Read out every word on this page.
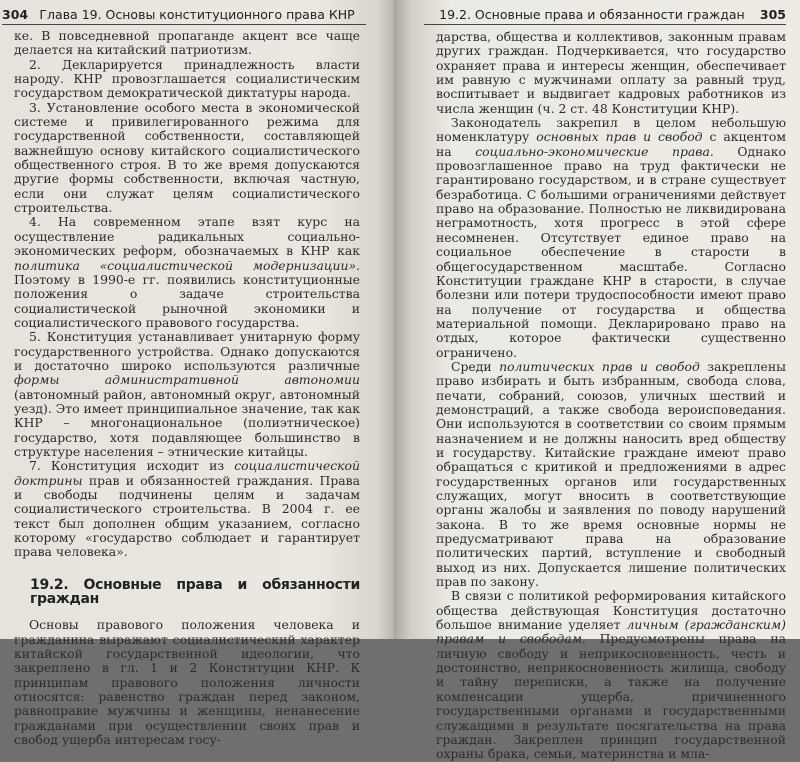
304 Глава 19. Основы конституционного права КНР

ке. В повседневной пропаганде акцент все чаще делается на китайский патриотизм.

2. Декларируется принадлежность власти народу. КНР провозглашается социалистическим государством демократической диктатуры народа.

3. Установление особого места в экономической системе и привилегированного режима для государственной собственности, составляющей важнейшую основу китайского социалистического общественного строя. В то же время допускаются другие формы собственности, включая частную, если они служат целям социалистического строительства.

4. На современном этапе взят курс на осуществление радикальных социально-экономических реформ, обозначаемых в КНР как политика «социалистической модернизации». Поэтому в 1990-е гг. появились конституционные положения о задаче строительства социалистической рыночной экономики и социалистического правового государства.

5. Конституция устанавливает унитарную форму государственного устройства. Однако допускаются и достаточно широко используются различные формы административной автономии (автономный район, автономный округ, автономный уезд). Это имеет принципиальное значение, так как КНР – многонациональное (полиэтническое) государство, хотя подавляющее большинство в структуре населения – этнические китайцы.

7. Конституция исходит из социалистической доктрины прав и обязанностей граждания. Права и свободы подчинены целям и задачам социалистического строительства. В 2004 г. ее текст был дополнен общим указанием, согласно которому «государство соблюдает и гарантирует права человека».

19.2. Основные права и обязанности граждан

Основы правового положения человека и гражданина выражают социалистический характер китайской государственной идеологии, что закреплено в гл. 1 и 2 Конституции КНР. К принципам правового положения личности относятся: равенство граждан перед законом, равноправие мужчины и женщины, ненанесение гражданами при осуществлении своих прав и свобод ущерба интересам госу-

19.2. Основные права и обязанности граждан	305

дарства, общества и коллективов, законным правам других граждан. Подчеркивается, что государство охраняет права и интересы женщин, обеспечивает им равную с мужчинами оплату за равный труд, воспитывает и выдвигает кадровых работников из числа женщин (ч. 2 ст. 48 Конституции КНР).

Законодатель закрепил в целом небольшую номенклатуру основных прав и свобод с акцентом на социально-экономические права. Однако провозглашенное право на труд фактически не гарантировано государством, и в стране существует безработица. С большими ограничениями действует право на образование. Полностью не ликвидирована неграмотность, хотя прогресс в этой сфере несомненен. Отсутствует единое право на социальное обеспечение в старости в общегосударственном масштабе. Согласно Конституции граждане КНР в старости, в случае болезни или потери трудоспособности имеют право на получение от государства и общества материальной помощи. Декларировано право на отдых, которое фактически существенно ограничено.

Среди политических прав и свобод закреплены право избирать и быть избранным, свобода слова, печати, собраний, союзов, уличных шествий и демонстраций, а также свобода вероисповедания. Они используются в соответствии со своим прямым назначением и не должны наносить вред обществу и государству. Китайские граждане имеют право обращаться с критикой и предложениями в адрес государственных органов или государственных служащих, могут вносить в соответствующие органы жалобы и заявления по поводу нарушений закона. В то же время основные нормы не предусматривают права на образование политических партий, вступление и свободный выход из них. Допускается лишение политических прав по закону.

В связи с политикой реформирования китайского общества действующая Конституция достаточно большое внимание уделяет личным (гражданским) правам и свободам. Предусмотрены права на личную свободу и неприкосновенность, честь и достоинство, неприкосновенность жилища, свободу и тайну переписки, а также на получение компенсации ущерба, причиненного государственными органами и государственными служащими в результате посягательства на права граждан. Закреплен принцип государственной охраны брака, семьи, материнства и мла-
